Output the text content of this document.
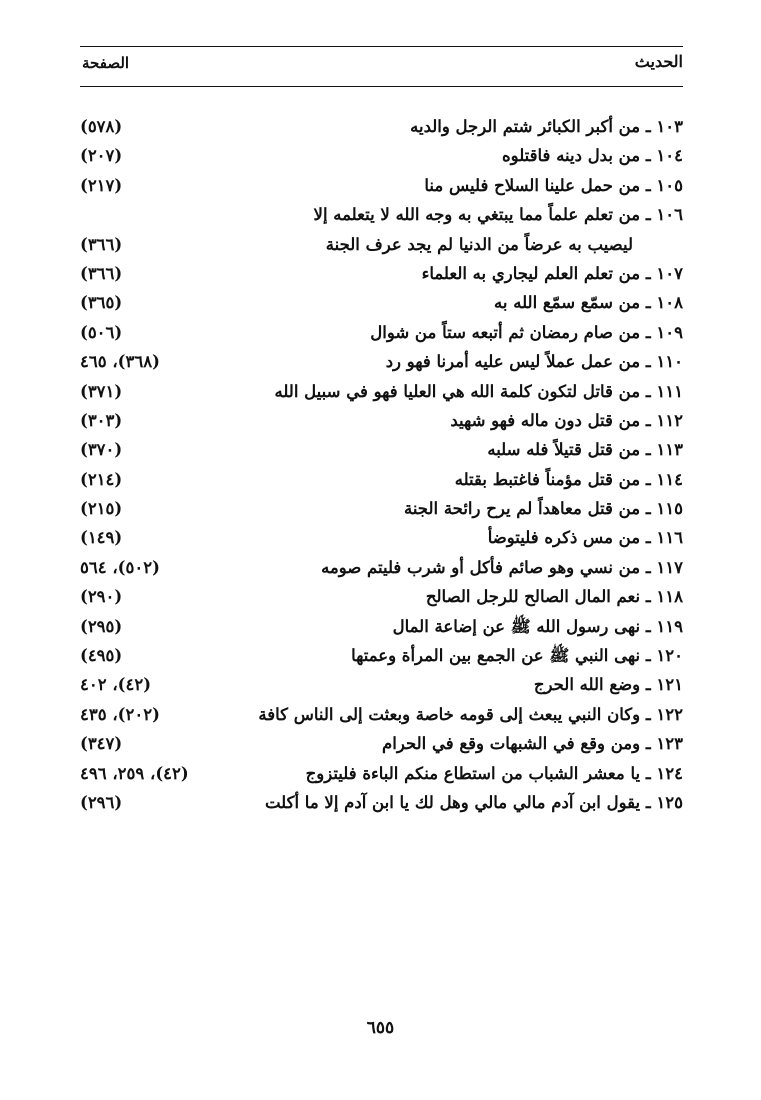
الحديث
الصفحة
١٠٣ ـ من أكبر الكبائر شتم الرجل والديه
(٥٧٨)
١٠٤ ـ من بدل دينه فاقتلوه
(٢٠٧)
١٠٥ ـ من حمل علينا السلاح فليس منا
(٢١٧)
١٠٦ ـ من تعلم علماً مما يبتغي به وجه الله لا يتعلمه إلا
ليصيب به عرضاً من الدنيا لم يجد عرف الجنة
(٣٦٦)
١٠٧ ـ من تعلم العلم ليجاري به العلماء
(٣٦٦)
١٠٨ ـ من سمّع سمّع الله به
(٣٦٥)
١٠٩ ـ من صام رمضان ثم أتبعه ستاً من شوال
(٥٠٦)
١١٠ ـ من عمل عملاً ليس عليه أمرنا فهو رد
(٣٦٨)، ٤٦٥
١١١ ـ من قاتل لتكون كلمة الله هي العليا فهو في سبيل الله
(٣٧١)
١١٢ ـ من قتل دون ماله فهو شهيد
(٣٠٣)
١١٣ ـ من قتل قتيلاً فله سلبه
(٣٧٠)
١١٤ ـ من قتل مؤمناً فاغتبط بقتله
(٢١٤)
١١٥ ـ من قتل معاهداً لم يرح رائحة الجنة
(٢١٥)
١١٦ ـ من مس ذكره فليتوضأ
(١٤٩)
١١٧ ـ من نسي وهو صائم فأكل أو شرب فليتم صومه
(٥٠٢)، ٥٦٤
١١٨ ـ نعم المال الصالح للرجل الصالح
(٢٩٠)
١١٩ ـ نهى رسول الله ﷺ عن إضاعة المال
(٢٩٥)
١٢٠ ـ نهى النبي ﷺ عن الجمع بين المرأة وعمتها
(٤٩٥)
١٢١ ـ وضع الله الحرج
(٤٢)، ٤٠٢
١٢٢ ـ وكان النبي يبعث إلى قومه خاصة وبعثت إلى الناس كافة
(٢٠٢)، ٤٣٥
١٢٣ ـ ومن وقع في الشبهات وقع في الحرام
(٣٤٧)
١٢٤ ـ يا معشر الشباب من استطاع منكم الباءة فليتزوج
(٤٢)، ٢٥٩، ٤٩٦
١٢٥ ـ يقول ابن آدم مالي مالي وهل لك يا ابن آدم إلا ما أكلت
(٢٩٦)
٦٥٥
